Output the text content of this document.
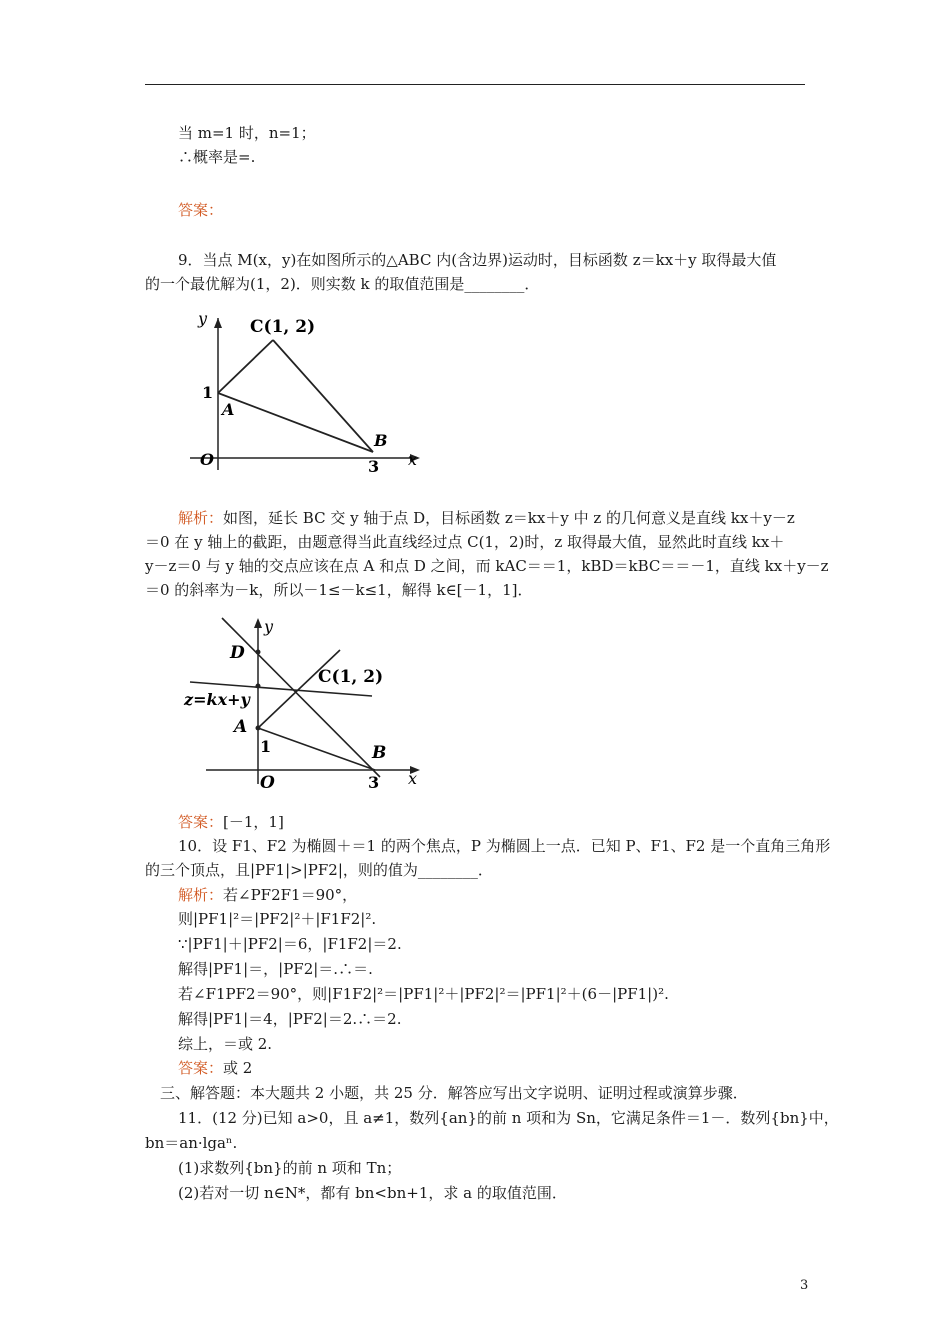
当 m=1 时，n=1；
∴概率是=.
答案：
9．当点 M(x，y)在如图所示的△ABC 内(含边界)运动时，目标函数 z＝kx＋y 取得最大值
的一个最优解为(1，2)．则实数 k 的取值范围是________．
y
x
O
A
B
C(1, 2)
1
3
解析：如图，延长 BC 交 y 轴于点 D，目标函数 z＝kx＋y 中 z 的几何意义是直线 kx＋y－z
＝0 在 y 轴上的截距，由题意得当此直线经过点 C(1，2)时，z 取得最大值，显然此时直线 kx＋
y－z＝0 与 y 轴的交点应该在点 A 和点 D 之间，而 kAC＝＝1，kBD＝kBC＝＝－1，直线 kx＋y－z
＝0 的斜率为－k，所以－1≤－k≤1，解得 k∈[－1，1]．
y
x
O
A
B
C(1, 2)
D
1
3
z=kx+y
答案：[－1，1]
10．设 F1、F2 为椭圆＋＝1 的两个焦点，P 为椭圆上一点．已知 P、F1、F2 是一个直角三角形
的三个顶点，且|PF1|>|PF2|，则的值为________．
解析：若∠PF2F1＝90°，
则|PF1|²＝|PF2|²＋|F1F2|².
∵|PF1|＋|PF2|＝6，|F1F2|＝2.
解得|PF1|＝，|PF2|＝.∴＝.
若∠F1PF2＝90°，则|F1F2|²＝|PF1|²＋|PF2|²＝|PF1|²＋(6－|PF1|)².
解得|PF1|＝4，|PF2|＝2.∴＝2.
综上，＝或 2.
答案：或 2
三、解答题：本大题共 2 小题，共 25 分．解答应写出文字说明、证明过程或演算步骤．
11．(12 分)已知 a>0，且 a≠1，数列{an}的前 n 项和为 Sn，它满足条件＝1－．数列{bn}中，
bn＝an·lgaⁿ.
(1)求数列{bn}的前 n 项和 Tn；
(2)若对一切 n∈N*，都有 bn<bn+1，求 a 的取值范围．
3
